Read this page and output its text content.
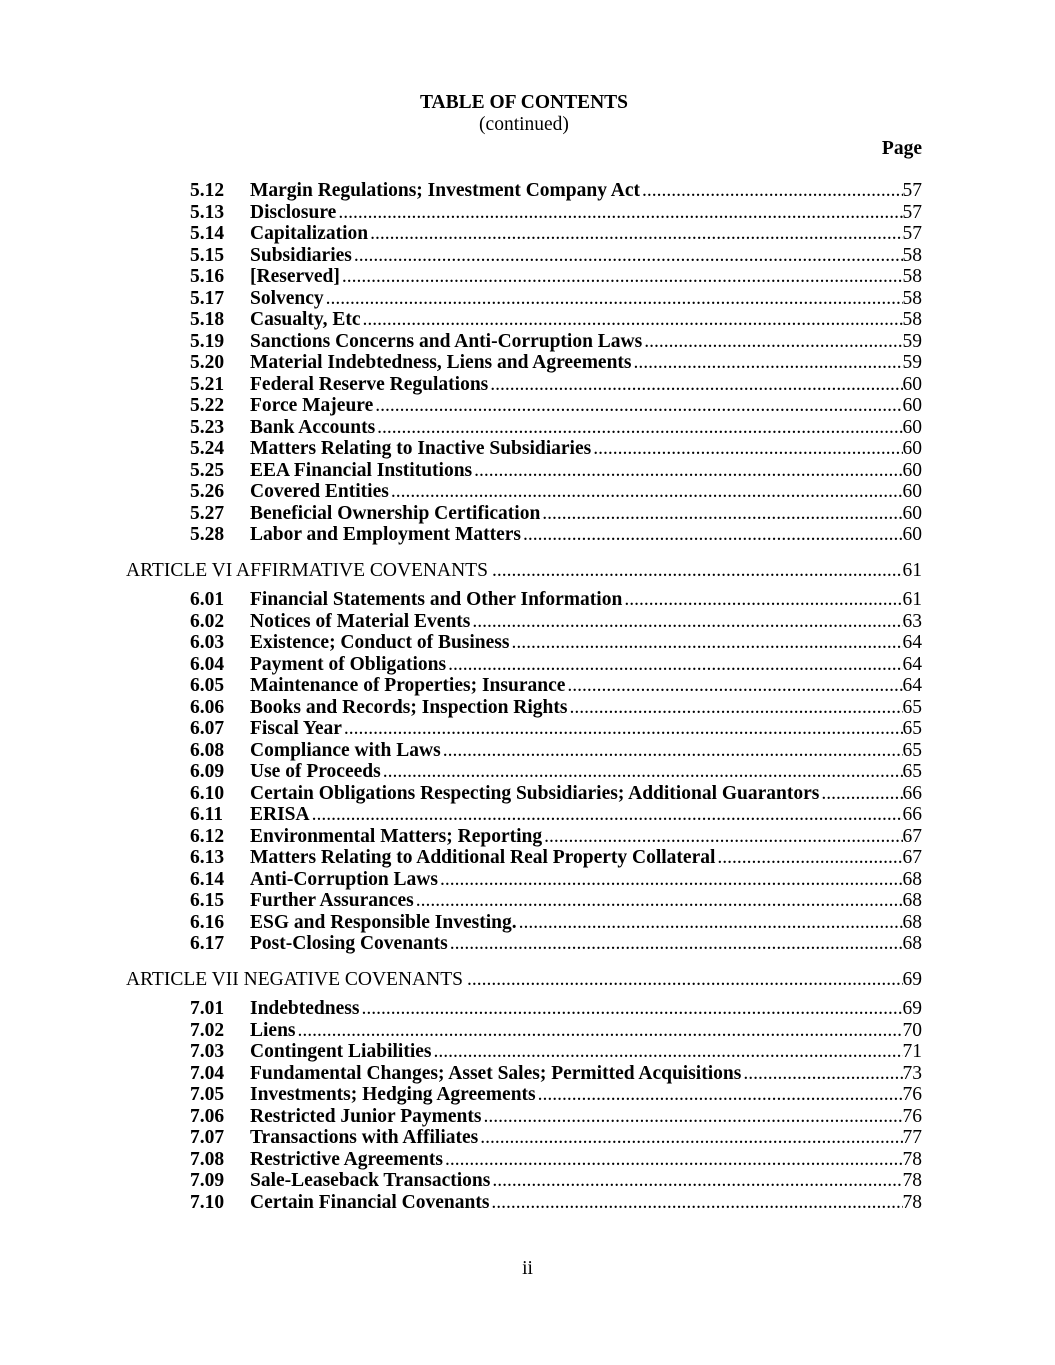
TABLE OF CONTENTS
(continued)
Page
5.12	Margin Regulations; Investment Company Act .....	57
5.13	Disclosure .....	57
5.14	Capitalization .....	57
5.15	Subsidiaries .....	58
5.16	[Reserved] .....	58
5.17	Solvency .....	58
5.18	Casualty, Etc .....	58
5.19	Sanctions Concerns and Anti-Corruption Laws .....	59
5.20	Material Indebtedness, Liens and Agreements .....	59
5.21	Federal Reserve Regulations .....	60
5.22	Force Majeure .....	60
5.23	Bank Accounts .....	60
5.24	Matters Relating to Inactive Subsidiaries .....	60
5.25	EEA Financial Institutions .....	60
5.26	Covered Entities .....	60
5.27	Beneficial Ownership Certification .....	60
5.28	Labor and Employment Matters .....	60
ARTICLE VI AFFIRMATIVE COVENANTS .....	61
6.01	Financial Statements and Other Information .....	61
6.02	Notices of Material Events .....	63
6.03	Existence; Conduct of Business .....	64
6.04	Payment of Obligations .....	64
6.05	Maintenance of Properties; Insurance .....	64
6.06	Books and Records; Inspection Rights .....	65
6.07	Fiscal Year .....	65
6.08	Compliance with Laws .....	65
6.09	Use of Proceeds .....	65
6.10	Certain Obligations Respecting Subsidiaries; Additional Guarantors .....	66
6.11	ERISA .....	66
6.12	Environmental Matters; Reporting .....	67
6.13	Matters Relating to Additional Real Property Collateral .....	67
6.14	Anti-Corruption Laws .....	68
6.15	Further Assurances .....	68
6.16	ESG and Responsible Investing. .....	68
6.17	Post-Closing Covenants .....	68
ARTICLE VII NEGATIVE COVENANTS .....	69
7.01	Indebtedness .....	69
7.02	Liens .....	70
7.03	Contingent Liabilities .....	71
7.04	Fundamental Changes; Asset Sales; Permitted Acquisitions .....	73
7.05	Investments; Hedging Agreements .....	76
7.06	Restricted Junior Payments .....	76
7.07	Transactions with Affiliates .....	77
7.08	Restrictive Agreements .....	78
7.09	Sale-Leaseback Transactions .....	78
7.10	Certain Financial Covenants .....	78
ii
